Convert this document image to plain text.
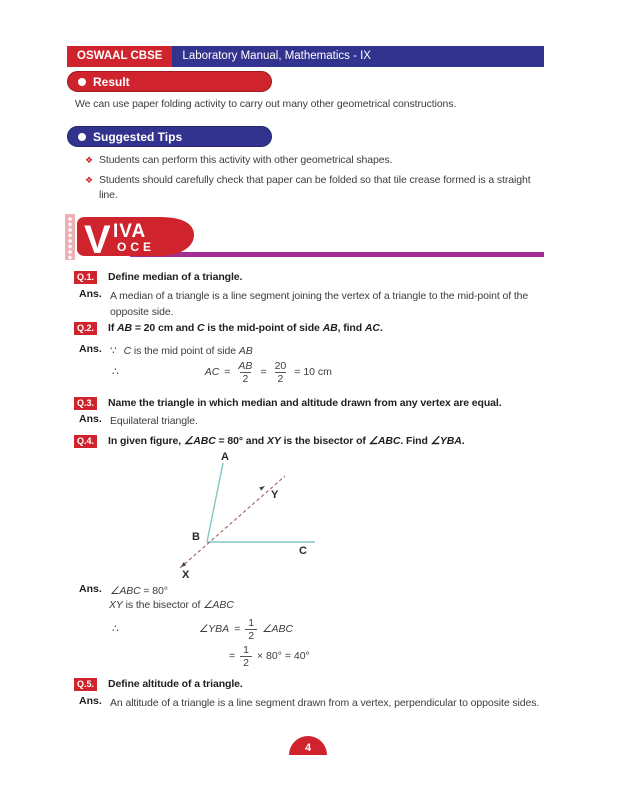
OSWAAL CBSE	Laboratory Manual, Mathematics - IX
Result

We can use paper folding activity to carry out many other geometrical constructions.

Suggested Tips
❖ Students can perform this activity with other geometrical shapes.
❖ Students should carefully check that paper can be folded so that tile crease formed is a straight line.
V IVA
OCE
Q.1. Define median of a triangle.
Ans. A median of a triangle is a line segment joining the vertex of a triangle to the mid-point of the opposite side.
Q.2. If AB = 20 cm and C is the mid-point of side AB, find AC.
Ans. ∵ C is the mid point of side AB
∴	AC = $\frac{AB}{2} = \frac{20}{2} = 10$ cm
Q.3. Name the triangle in which median and altitude drawn from any vertex are equal.
Ans. Equilateral triangle.
Q.4. In given figure, ∠ABC = 80° and XY is the bisector of ∠ABC. Find ∠YBA.
A
B
C
Y
X
Ans. ∠ABC = 80°
XY is the bisector of ∠ABC
∴	∠YBA = $\frac{1}{2}$ ∠ABC
= $\frac{1}{2} \times 80^\circ = 40^\circ$
Q.5. Define altitude of a triangle.
Ans. An altitude of a triangle is a line segment drawn from a vertex, perpendicular to opposite sides.
4
